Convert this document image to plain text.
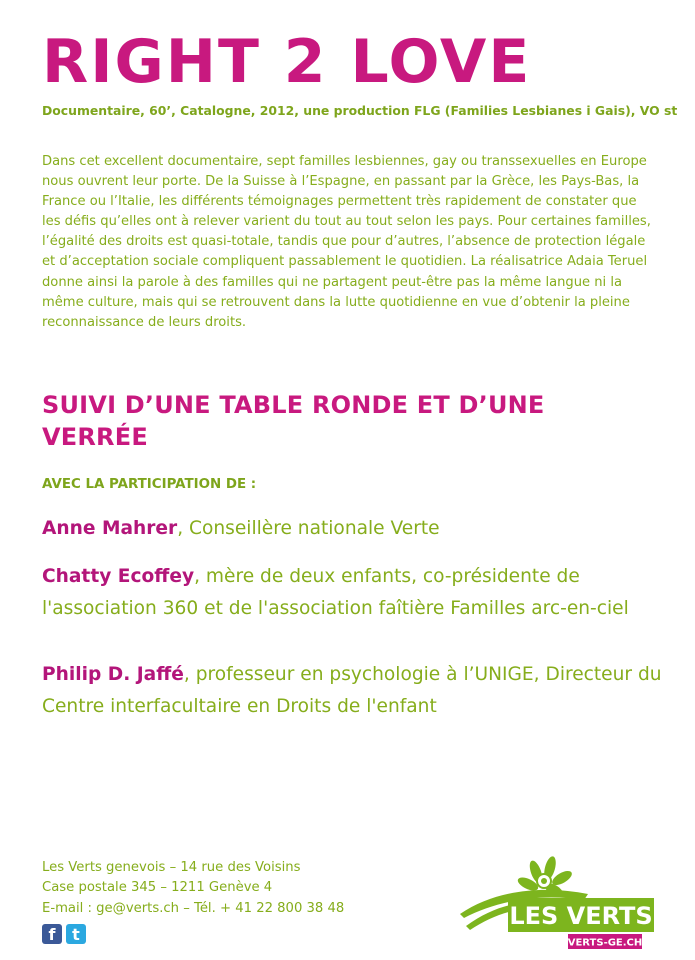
RIGHT 2 LOVE
Documentaire, 60’, Catalogne, 2012, une production FLG (Families Lesbianes i Gais), VO st

Dans cet excellent documentaire, sept familles lesbiennes, gay ou transsexuelles en Europe nous ouvrent leur porte. De la Suisse à l’Espagne, en passant par la Grèce, les Pays-Bas, la France ou l’Italie, les différents témoignages permettent très rapidement de constater que les défis qu’elles ont à relever varient du tout au tout selon les pays. Pour certaines familles, l’égalité des droits est quasi-totale, tandis que pour d’autres, l’absence de protection légale et d’acceptation sociale compliquent passablement le quotidien. La réalisatrice Adaia Teruel donne ainsi la parole à des familles qui ne partagent peut-être pas la même langue ni la même culture, mais qui se retrouvent dans la lutte quotidienne en vue d’obtenir la pleine reconnaissance de leurs droits.

SUIVI D’UNE TABLE RONDE ET D’UNE VERRÉE
AVEC LA PARTICIPATION DE :

Anne Mahrer, Conseillère nationale Verte

Chatty Ecoffey, mère de deux enfants, co-présidente de l'association 360 et de l'association faîtière Familles arc-en-ciel

Philip D. Jaffé, professeur en psychologie à l’UNIGE, Directeur du Centre interfacultaire en Droits de l'enfant

Les Verts genevois – 14 rue des Voisins
Case postale 345 – 1211 Genève 4
E-mail : ge@verts.ch – Tél. + 41 22 800 38 48
f	t
LES VERTS
VERTS-GE.CH
